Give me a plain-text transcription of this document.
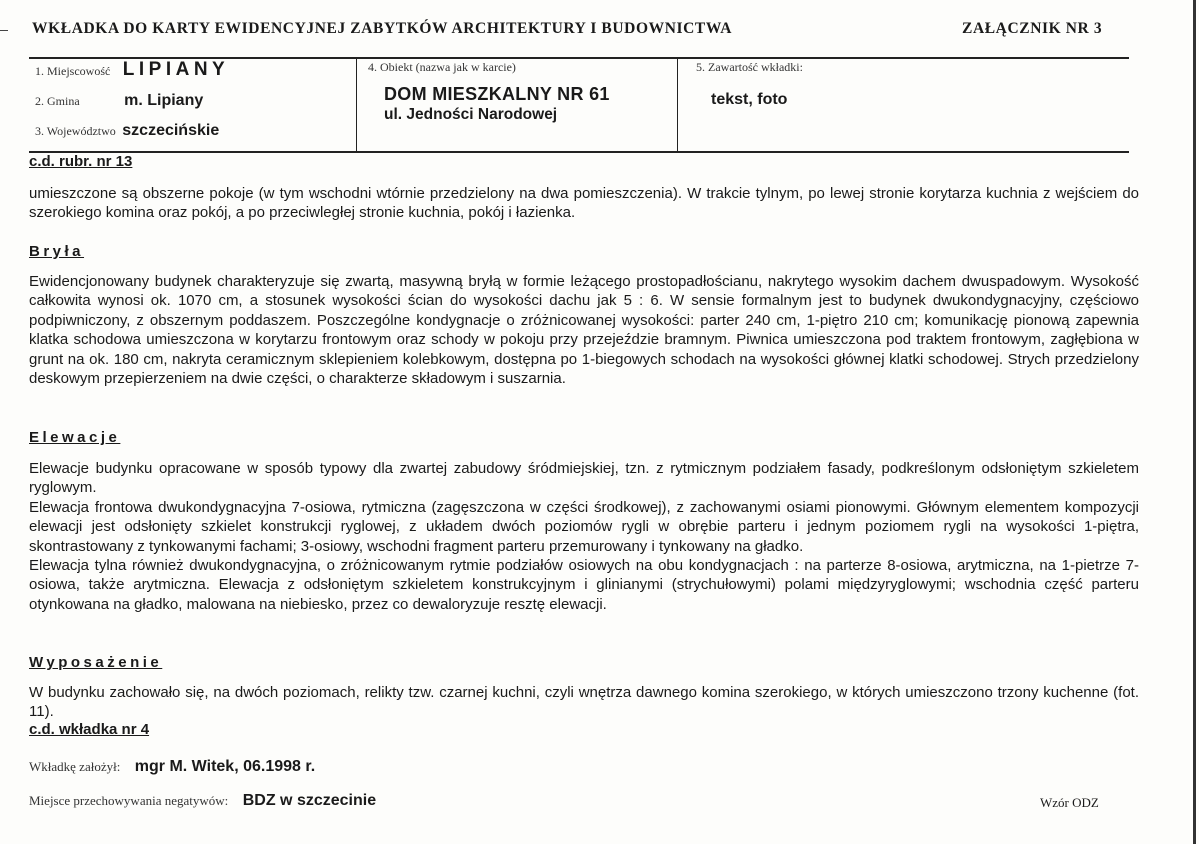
WKŁADKA DO KARTY EWIDENCYJNEJ ZABYTKÓW ARCHITEKTURY I BUDOWNICTWA	ZAŁĄCZNIK NR 3
1. Miejscowość LIPIANY
2. Gmina	m. Lipiany
3. Województwo szczecińskie
4. Obiekt (nazwa jak w karcie)
DOM MIESZKALNY NR 61
ul. Jedności Narodowej
5. Zawartość wkładki:
tekst, foto
c.d. rubr. nr 13

umieszczone są obszerne pokoje (w tym wschodni wtórnie przedzielony na dwa pomieszczenia). W trakcie tylnym, po lewej stronie korytarza kuchnia z wejściem do szerokiego komina oraz pokój, a po przeciwległej stronie kuchnia, pokój i łazienka.

Bryła

Ewidencjonowany budynek charakteryzuje się zwartą, masywną bryłą w formie leżącego prostopadłościanu, nakrytego wysokim dachem dwuspadowym. Wysokość całkowita wynosi ok. 1070 cm, a stosunek wysokości ścian do wysokości dachu jak 5 : 6. W sensie formalnym jest to budynek dwukondygnacyjny, częściowo podpiwniczony, z obszernym poddaszem. Poszczególne kondygnacje o zróżnicowanej wysokości: parter 240 cm, 1-piętro 210 cm; komunikację pionową zapewnia klatka schodowa umieszczona w korytarzu frontowym oraz schody w pokoju przy przejeździe bramnym. Piwnica umieszczona pod traktem frontowym, zagłębiona w grunt na ok. 180 cm, nakryta ceramicznym sklepieniem kolebkowym, dostępna po 1-biegowych schodach na wysokości głównej klatki schodowej. Strych przedzielony deskowym przepierzeniem na dwie części, o charakterze składowym i suszarnia.

Elewacje

Elewacje budynku opracowane w sposób typowy dla zwartej zabudowy śródmiejskiej, tzn. z rytmicznym podziałem fasady, podkreślonym odsłoniętym szkieletem ryglowym.

Elewacja frontowa dwukondygnacyjna 7-osiowa, rytmiczna (zagęszczona w części środkowej), z zachowanymi osiami pionowymi. Głównym elementem kompozycji elewacji jest odsłonięty szkielet konstrukcji ryglowej, z układem dwóch poziomów rygli w obrębie parteru i jednym poziomem rygli na wysokości 1-piętra, skontrastowany z tynkowanymi fachami; 3-osiowy, wschodni fragment parteru przemurowany i tynkowany na gładko.

Elewacja tylna również dwukondygnacyjna, o zróżnicowanym rytmie podziałów osiowych na obu kondygnacjach : na parterze 8-osiowa, arytmiczna, na 1-pietrze 7-osiowa, także arytmiczna. Elewacja z odsłoniętym szkieletem konstrukcyjnym i glinianymi (strychułowymi) polami międzyryglowymi; wschodnia część parteru otynkowana na gładko, malowana na niebiesko, przez co dewaloryzuje resztę elewacji.

Wyposażenie

W budynku zachowało się, na dwóch poziomach, relikty tzw. czarnej kuchni, czyli wnętrza dawnego komina szerokiego, w których umieszczono trzony kuchenne (fot. 11).

c.d. wkładka nr 4
Wkładkę założył: mgr M. Witek, 06.1998 r.
Miejsce przechowywania negatywów: BDZ w szczecinie	Wzór ODZ
